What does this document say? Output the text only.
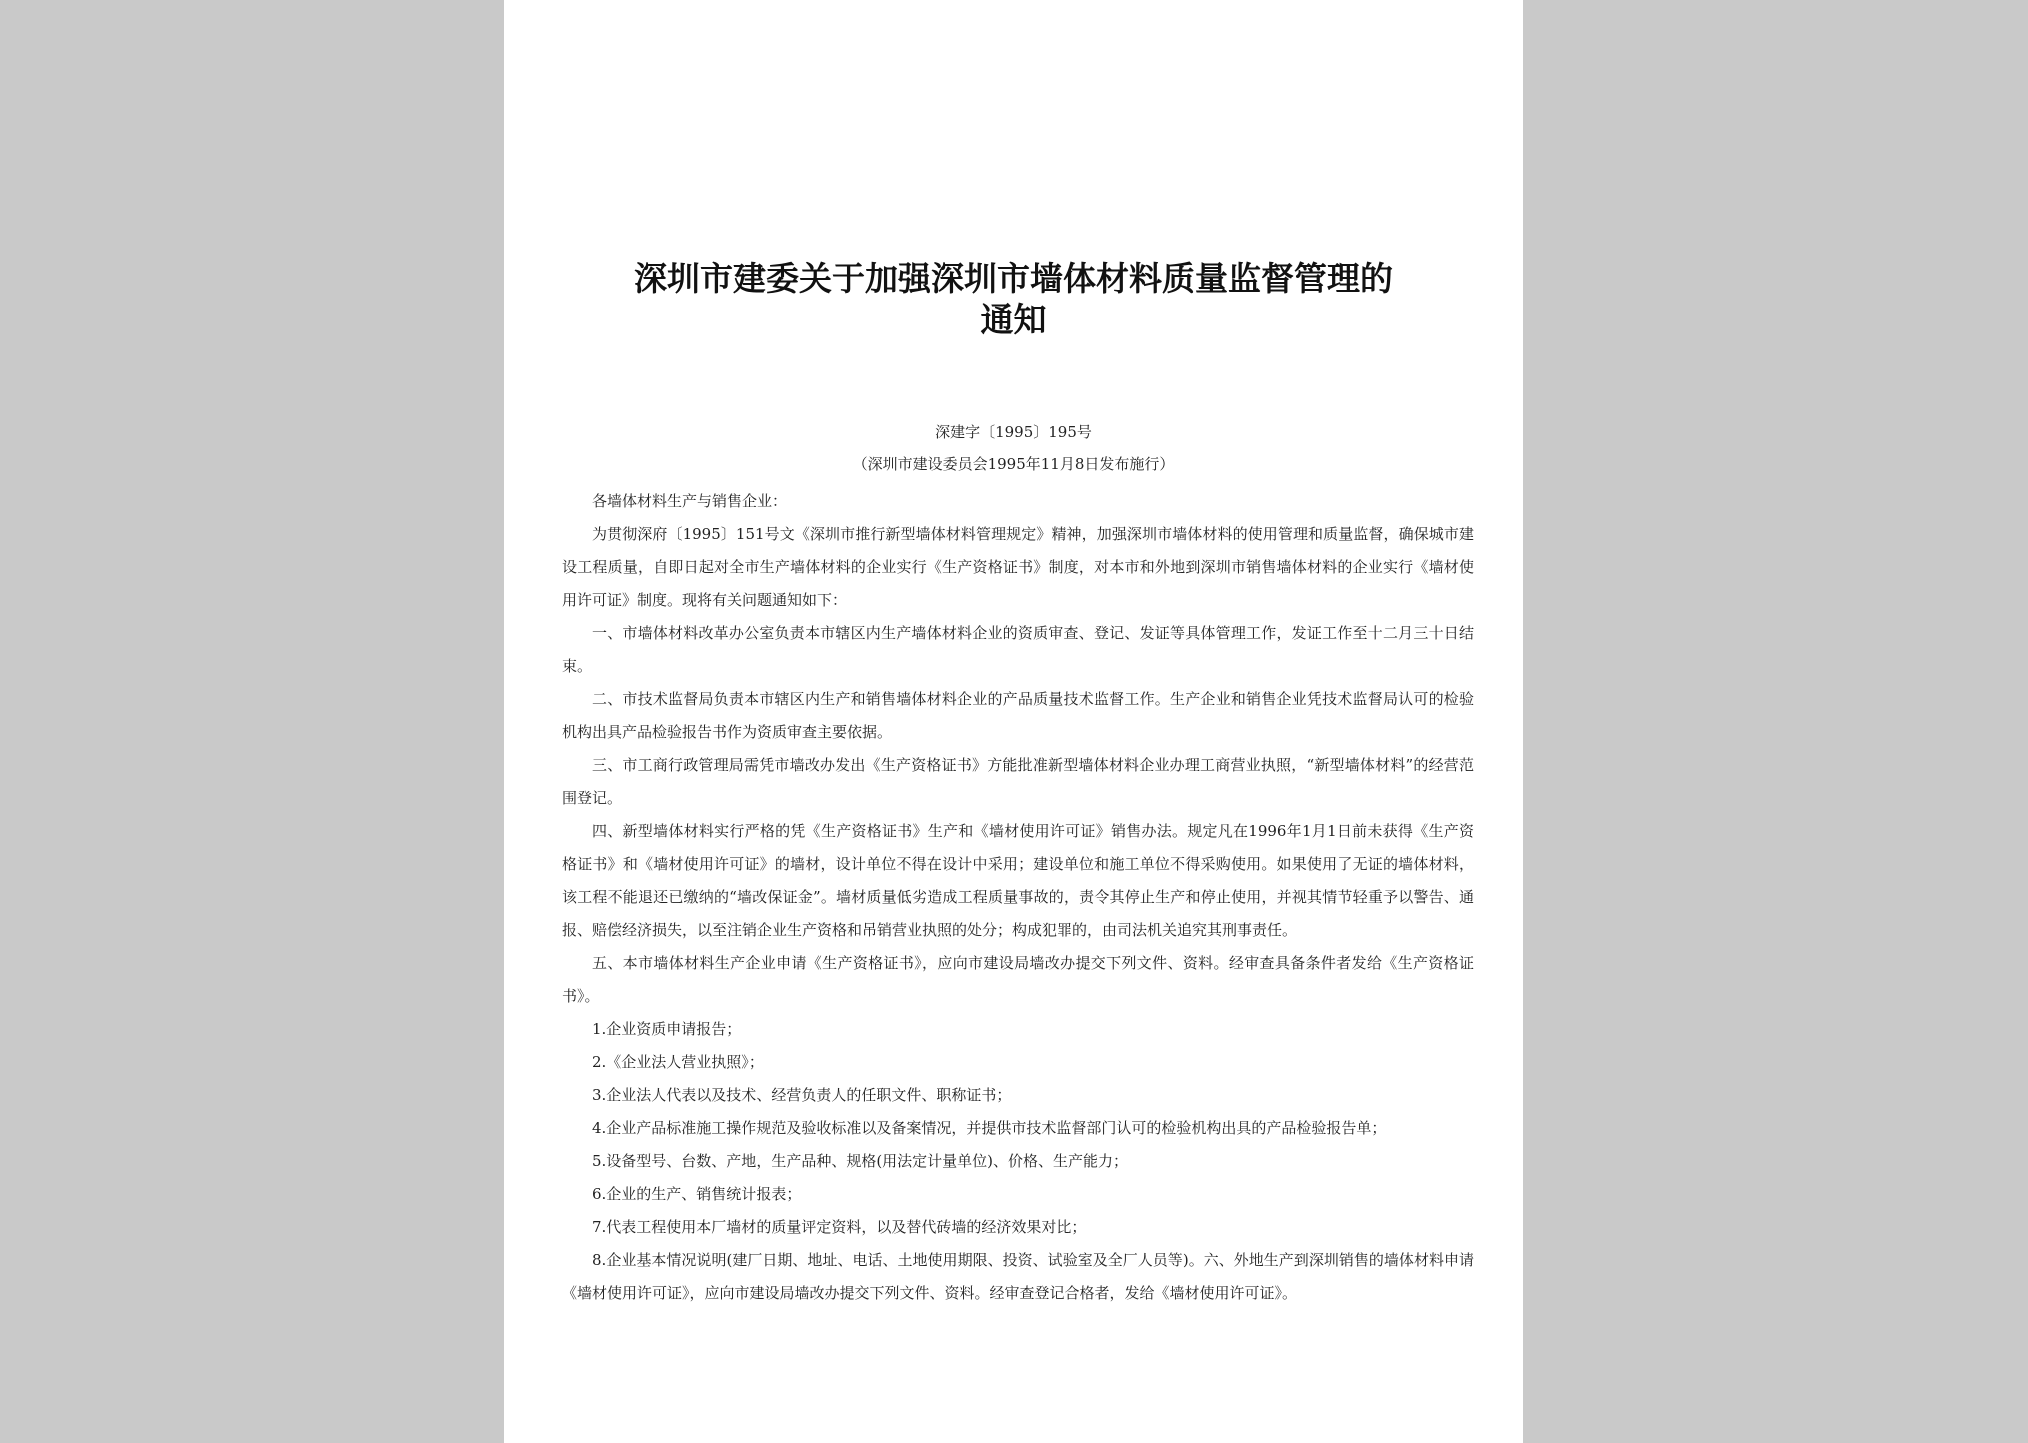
深圳市建委关于加强深圳市墙体材料质量监督管理的
通知
深建字〔1995〕195号
（深圳市建设委员会1995年11月8日发布施行）

各墙体材料生产与销售企业：

为贯彻深府〔1995〕151号文《深圳市推行新型墙体材料管理规定》精神，加强深圳市墙体材料的使用管理和质量监督，确保城市建设工程质量，自即日起对全市生产墙体材料的企业实行《生产资格证书》制度，对本市和外地到深圳市销售墙体材料的企业实行《墙材使用许可证》制度。现将有关问题通知如下：

一、市墙体材料改革办公室负责本市辖区内生产墙体材料企业的资质审查、登记、发证等具体管理工作，发证工作至十二月三十日结束。

二、市技术监督局负责本市辖区内生产和销售墙体材料企业的产品质量技术监督工作。生产企业和销售企业凭技术监督局认可的检验机构出具产品检验报告书作为资质审查主要依据。

三、市工商行政管理局需凭市墙改办发出《生产资格证书》方能批准新型墙体材料企业办理工商营业执照，“新型墙体材料”的经营范围登记。

四、新型墙体材料实行严格的凭《生产资格证书》生产和《墙材使用许可证》销售办法。规定凡在1996年1月1日前未获得《生产资格证书》和《墙材使用许可证》的墙材，设计单位不得在设计中采用；建设单位和施工单位不得采购使用。如果使用了无证的墙体材料，该工程不能退还已缴纳的“墙改保证金”。墙材质量低劣造成工程质量事故的，责令其停止生产和停止使用，并视其情节轻重予以警告、通报、赔偿经济损失，以至注销企业生产资格和吊销营业执照的处分；构成犯罪的，由司法机关追究其刑事责任。

五、本市墙体材料生产企业申请《生产资格证书》，应向市建设局墙改办提交下列文件、资料。经审查具备条件者发给《生产资格证书》。

1.企业资质申请报告；

2.《企业法人营业执照》；

3.企业法人代表以及技术、经营负责人的任职文件、职称证书；

4.企业产品标准施工操作规范及验收标准以及备案情况，并提供市技术监督部门认可的检验机构出具的产品检验报告单；

5.设备型号、台数、产地，生产品种、规格(用法定计量单位)、价格、生产能力；

6.企业的生产、销售统计报表；

7.代表工程使用本厂墙材的质量评定资料，以及替代砖墙的经济效果对比；

8.企业基本情况说明(建厂日期、地址、电话、土地使用期限、投资、试验室及全厂人员等)。六、外地生产到深圳销售的墙体材料申请《墙材使用许可证》，应向市建设局墙改办提交下列文件、资料。经审查登记合格者，发给《墙材使用许可证》。
